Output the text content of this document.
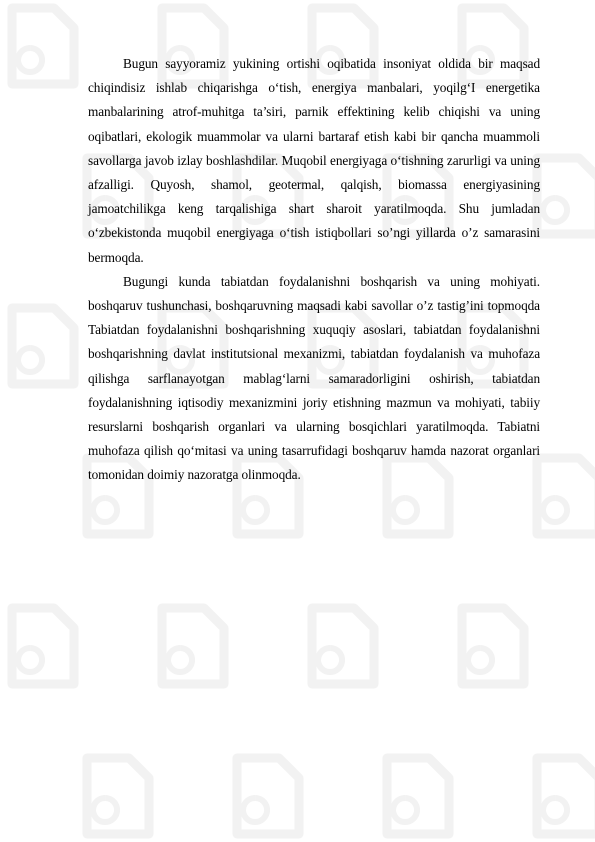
Bugun sayyoramiz yukining ortishi oqibatida insoniyat oldida bir maqsad chiqindisiz ishlab chiqarishga o‘tish, energiya manbalari, yoqilg‘I energetika manbalarining atrof-muhitga ta’siri, parnik effektining kelib chiqishi va uning oqibatlari, ekologik muammolar va ularni bartaraf etish kabi bir qancha muammoli savollarga javob izlay boshlashdilar. Muqobil energiyaga o‘tishning zarurligi va uning afzalligi. Quyosh, shamol, geotermal, qalqish, biomassa energiyasining jamoatchilikga keng tarqalishiga shart sharoit yaratilmoqda. Shu jumladan o‘zbekistonda muqobil energiyaga o‘tish istiqbollari so’ngi yillarda o’z samarasini bermoqda.

Bugungi kunda tabiatdan foydalanishni boshqarish va uning mohiyati. boshqaruv tushunchasi, boshqaruvning maqsadi kabi savollar o’z tastig’ini topmoqda Tabiatdan foydalanishni boshqarishning xuquqiy asoslari, tabiatdan foydalanishni boshqarishning davlat institutsional mexanizmi, tabiatdan foydalanish va muhofaza qilishga sarflanayotgan mablag‘larni samaradorligini oshirish, tabiatdan foydalanishning iqtisodiy mexanizmini joriy etishning mazmun va mohiyati, tabiiy resurslarni boshqarish organlari va ularning bosqichlari yaratilmoqda. Tabiatni muhofaza qilish qo‘mitasi va uning tasarrufidagi boshqaruv hamda nazorat organlari tomonidan doimiy nazoratga olinmoqda.
